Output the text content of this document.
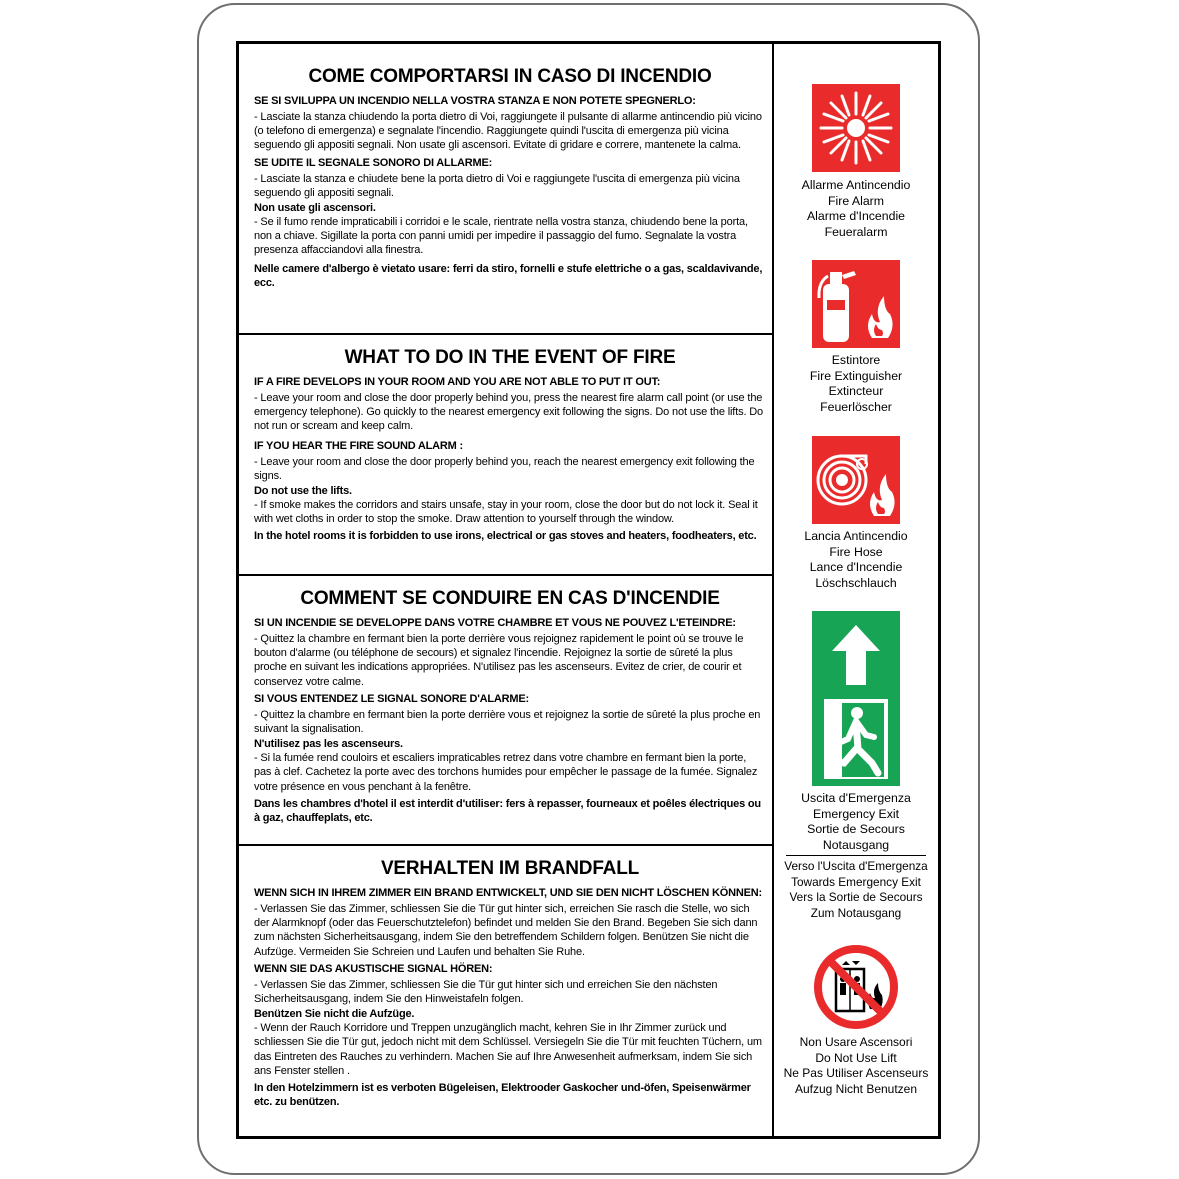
COME COMPORTARSI IN CASO DI INCENDIO
SE SI SVILUPPA UN INCENDIO NELLA VOSTRA STANZA E NON POTETE SPEGNERLO:
- Lasciate la stanza chiudendo la porta dietro di Voi, raggiungete il pulsante di allarme antincendio più vicino (o telefono di emergenza) e segnalate l'incendio. Raggiungete quindi l'uscita di emergenza più vicina seguendo gli appositi segnali. Non usate gli ascensori. Evitate di gridare e correre, mantenete la calma.
SE UDITE IL SEGNALE SONORO DI ALLARME:
- Lasciate la stanza e chiudete bene la porta dietro di Voi e raggiungete l'uscita di emergenza più vicina seguendo gli appositi segnali.
Non usate gli ascensori.
- Se il fumo rende impraticabili i corridoi e le scale, rientrate nella vostra stanza, chiudendo bene la porta, non a chiave. Sigillate la porta con panni umidi per impedire il passaggio del fumo. Segnalate la vostra presenza affacciandovi alla finestra.
Nelle camere d'albergo è vietato usare: ferri da stiro, fornelli e stufe elettriche o a gas, scaldavivande, ecc.
WHAT TO DO IN THE EVENT OF FIRE
IF A FIRE DEVELOPS IN YOUR ROOM AND YOU ARE NOT ABLE TO PUT IT OUT:
- Leave your room and close the door properly behind you, press the nearest fire alarm call point (or use the emergency telephone). Go quickly to the nearest emergency exit following the signs. Do not use the lifts. Do not run or scream and keep calm.
IF YOU HEAR THE FIRE SOUND ALARM :
- Leave your room and close the door properly behind you, reach the nearest emergency exit following the signs.
Do not use the lifts.
- If smoke makes the corridors and stairs unsafe, stay in your room, close the door but do not lock it. Seal it with wet cloths in order to stop the smoke. Draw attention to yourself through the window.
In the hotel rooms it is forbidden to use irons, electrical or gas stoves and heaters, foodheaters, etc.
COMMENT SE CONDUIRE EN CAS D'INCENDIE
SI UN INCENDIE SE DEVELOPPE DANS VOTRE CHAMBRE ET VOUS NE POUVEZ L'ETEINDRE:
- Quittez la chambre en fermant bien la porte derrière vous rejoignez rapidement le point où se trouve le bouton d'alarme (ou téléphone de secours) et signalez l'incendie. Rejoignez la sortie de sûreté la plus proche en suivant les indications appropriées. N'utilisez pas les ascenseurs. Evitez de crier, de courir et conservez votre calme.
SI VOUS ENTENDEZ LE SIGNAL SONORE D'ALARME:
- Quittez la chambre en fermant bien la porte derrière vous et rejoignez la sortie de sûreté la plus proche en suivant la signalisation.
N'utilisez pas les ascenseurs.
- Si la fumée rend couloirs et escaliers impraticables retrez dans votre chambre en fermant bien la porte, pas à clef. Cachetez la porte avec des torchons humides pour empêcher le passage de la fumée. Signalez votre présence en vous penchant à la fenêtre.
Dans les chambres d'hotel il est interdit d'utiliser: fers à repasser, fourneaux et poêles électriques ou à gaz, chauffeplats, etc.
VERHALTEN IM BRANDFALL
WENN SICH IN IHREM ZIMMER EIN BRAND ENTWICKELT, UND SIE DEN NICHT LÖSCHEN KÖNNEN:
- Verlassen Sie das Zimmer, schliessen Sie die Tür gut hinter sich, erreichen Sie rasch die Stelle, wo sich der Alarmknopf (oder das Feuerschutztelefon) befindet und melden Sie den Brand. Begeben Sie sich dann zum nächsten Sicherheitsausgang, indem Sie den betreffendem Schildern folgen. Benützen Sie nicht die Aufzüge. Vermeiden Sie Schreien und Laufen und behalten Sie Ruhe.
WENN SIE DAS AKUSTISCHE SIGNAL HÖREN:
- Verlassen Sie das Zimmer, schliessen Sie die Tür gut hinter sich und erreichen Sie den nächsten Sicherheitsausgang, indem Sie den Hinweistafeln folgen.
Benützen Sie nicht die Aufzüge.
- Wenn der Rauch Korridore und Treppen unzugänglich macht, kehren Sie in Ihr Zimmer zurück und schliessen Sie die Tür gut, jedoch nicht mit dem Schlüssel. Versiegeln Sie die Tür mit feuchten Tüchern, um das Eintreten des Rauches zu verhindern. Machen Sie auf Ihre Anwesenheit aufmerksam, indem Sie sich ans Fenster stellen .
In den Hotelzimmern ist es verboten Bügeleisen, Elektrooder Gaskocher und-öfen, Speisenwärmer etc. zu benützen.
Allarme Antincendio
Fire Alarm
Alarme d'Incendie
Feueralarm
Estintore
Fire Extinguisher
Extincteur
Feuerlöscher
Lancia Antincendio
Fire Hose
Lance d'Incendie
Löschschlauch
Uscita d'Emergenza
Emergency Exit
Sortie de Secours
Notausgang
Verso l'Uscita d'Emergenza
Towards Emergency Exit
Vers la Sortie de Secours
Zum Notausgang
Non Usare Ascensori
Do Not Use Lift
Ne Pas Utiliser Ascenseurs
Aufzug Nicht Benutzen
